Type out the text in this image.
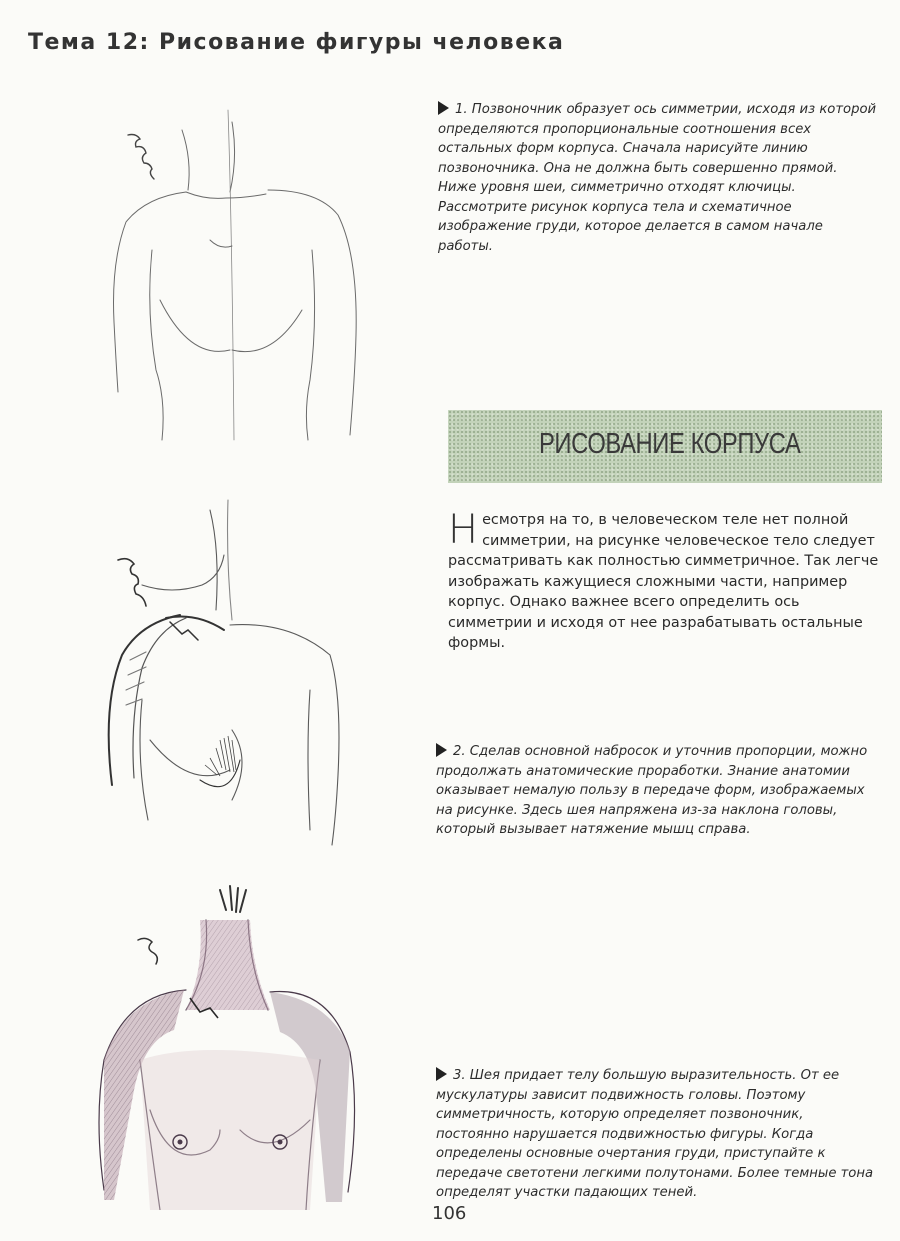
Тема 12: Рисование фигуры человека
1. Позвоночник образует ось симметрии, исходя из которой определяются пропорциональные соотношения всех остальных форм корпуса. Сначала нарисуйте линию позвоночника. Она не должна быть совершенно прямой. Ниже уровня шеи, симметрично отходят ключицы. Рассмотрите рисунок корпуса тела и схематичное изображение груди, которое делается в самом начале работы.
РИСОВАНИЕ КОРПУСА
Несмотря на то, в человеческом теле нет полной симметрии, на рисунке человеческое тело следует рассматривать как полностью симметричное. Так легче изображать кажущиеся сложными части, например корпус. Однако важнее всего определить ось симметрии и исходя от нее разрабатывать остальные формы.
2. Сделав основной набросок и уточнив пропорции, можно продолжать анатомические проработки. Знание анатомии оказывает немалую пользу в передаче форм, изображаемых на рисунке. Здесь шея напряжена из-за наклона головы, который вызывает натяжение мышц справа.
3. Шея придает телу большую выразительность. От ее мускулатуры зависит подвижность головы. Поэтому симметричность, которую определяет позвоночник, постоянно нарушается подвижностью фигуры. Когда определены основные очертания груди, приступайте к передаче светотени легкими полутонами. Более темные тона определят участки падающих теней.
106
